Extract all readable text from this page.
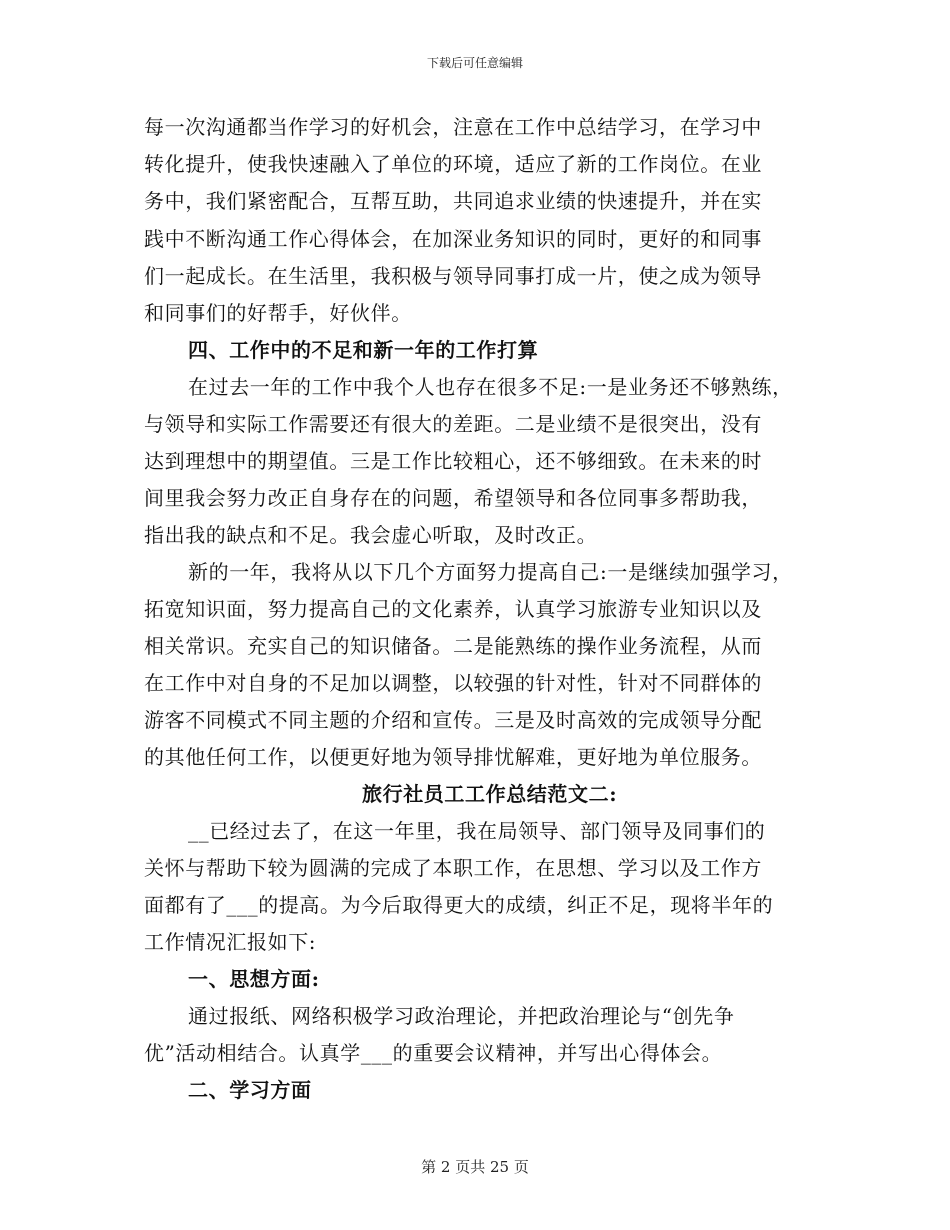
下载后可任意编辑
每一次沟通都当作学习的好机会，注意在工作中总结学习，在学习中
转化提升，使我快速融入了单位的环境，适应了新的工作岗位。在业
务中，我们紧密配合，互帮互助，共同追求业绩的快速提升，并在实
践中不断沟通工作心得体会，在加深业务知识的同时，更好的和同事
们一起成长。在生活里，我积极与领导同事打成一片，使之成为领导
和同事们的好帮手，好伙伴。
四、工作中的不足和新一年的工作打算
在过去一年的工作中我个人也存在很多不足:一是业务还不够熟练，
与领导和实际工作需要还有很大的差距。二是业绩不是很突出，没有
达到理想中的期望值。三是工作比较粗心，还不够细致。在未来的时
间里我会努力改正自身存在的问题，希望领导和各位同事多帮助我，
指出我的缺点和不足。我会虚心听取，及时改正。
新的一年，我将从以下几个方面努力提高自己:一是继续加强学习，
拓宽知识面，努力提高自己的文化素养，认真学习旅游专业知识以及
相关常识。充实自己的知识储备。二是能熟练的操作业务流程，从而
在工作中对自身的不足加以调整，以较强的针对性，针对不同群体的
游客不同模式不同主题的介绍和宣传。三是及时高效的完成领导分配
的其他任何工作，以便更好地为领导排忧解难，更好地为单位服务。
旅行社员工工作总结范文二:
__已经过去了，在这一年里，我在局领导、部门领导及同事们的
关怀与帮助下较为圆满的完成了本职工作，在思想、学习以及工作方
面都有了___的提高。为今后取得更大的成绩，纠正不足，现将半年的
工作情况汇报如下:
一、思想方面:
通过报纸、网络积极学习政治理论，并把政治理论与“创先争
优”活动相结合。认真学___的重要会议精神，并写出心得体会。
二、学习方面
第 2 页共 25 页
